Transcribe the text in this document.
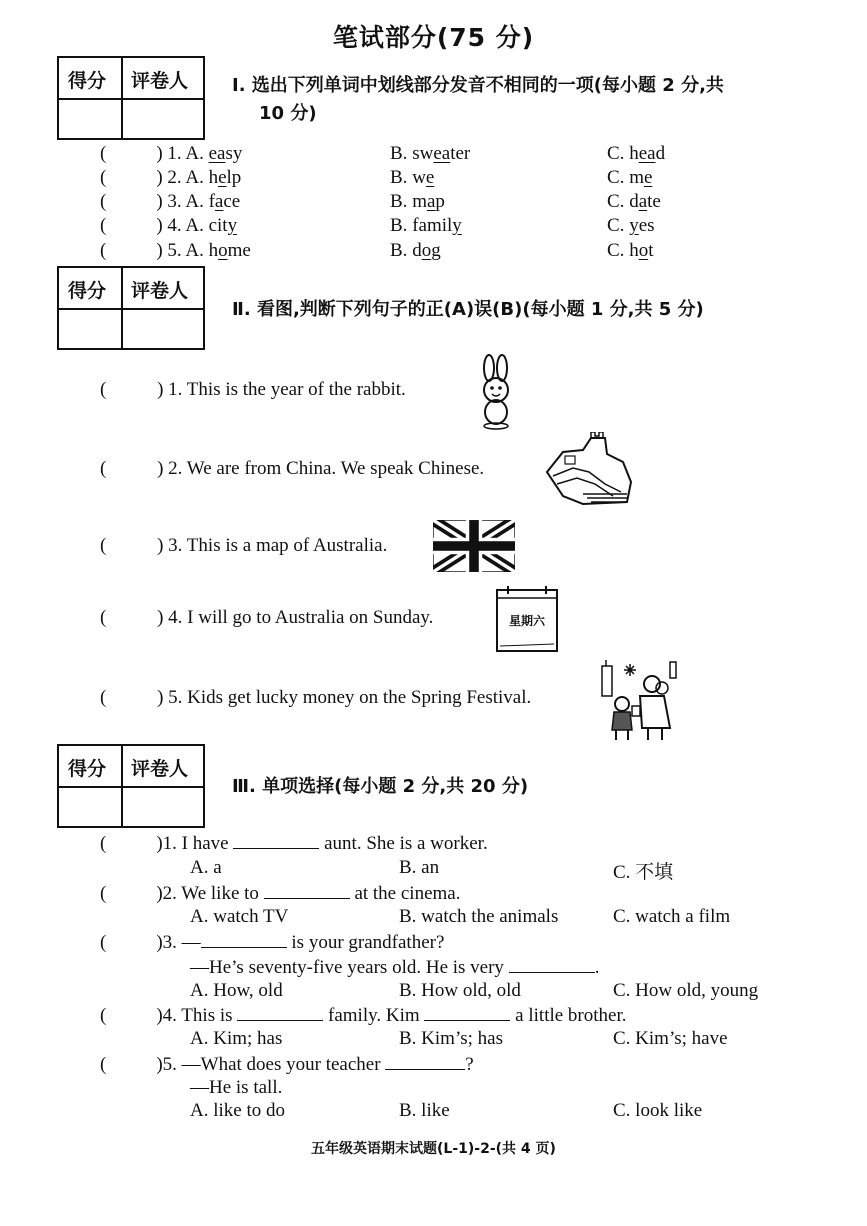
笔试部分(75 分)
得分 评卷人 Ⅰ. 选出下列单词中划线部分发音不相同的一项(每小题 2 分,共
10 分)
(	) 1. A. easy	B. sweater	C. head
(	) 2. A. help	B. we	C. me
(	) 3. A. face	B. map	C. date
(	) 4. A. city	B. family	C. yes
(	) 5. A. home	B. dog	C. hot
得分 评卷人
Ⅱ. 看图,判断下列句子的正(A)误(B)(每小题 1 分,共 5 分)
(	) 1. This is the year of the rabbit.
(	) 2. We are from China. We speak Chinese.
(	) 3. This is a map of Australia.
(	) 4. I will go to Australia on Sunday.
(	) 5. Kids get lucky money on the Spring Festival.
星期六
得分 评卷人
Ⅲ. 单项选择(每小题 2 分,共 20 分)
(	)1. I have	aunt. She is a worker.
A. a	B. an	C. 不填
(	)2. We like to	at the cinema.
A. watch TV	B. watch the animals	C. watch a film
(	)3. —	is your grandfather?
—He’s seventy-five years old. He is very	.
A. How, old	B. How old, old	C. How old, young
(	)4. This is	family. Kim	a little brother.
A. Kim; has	B. Kim’s; has	C. Kim’s; have
(	)5. —What does your teacher	?
—He is tall.
A. like to do	B. like	C. look like
五年级英语期末试题(L-1)-2-(共 4 页)
